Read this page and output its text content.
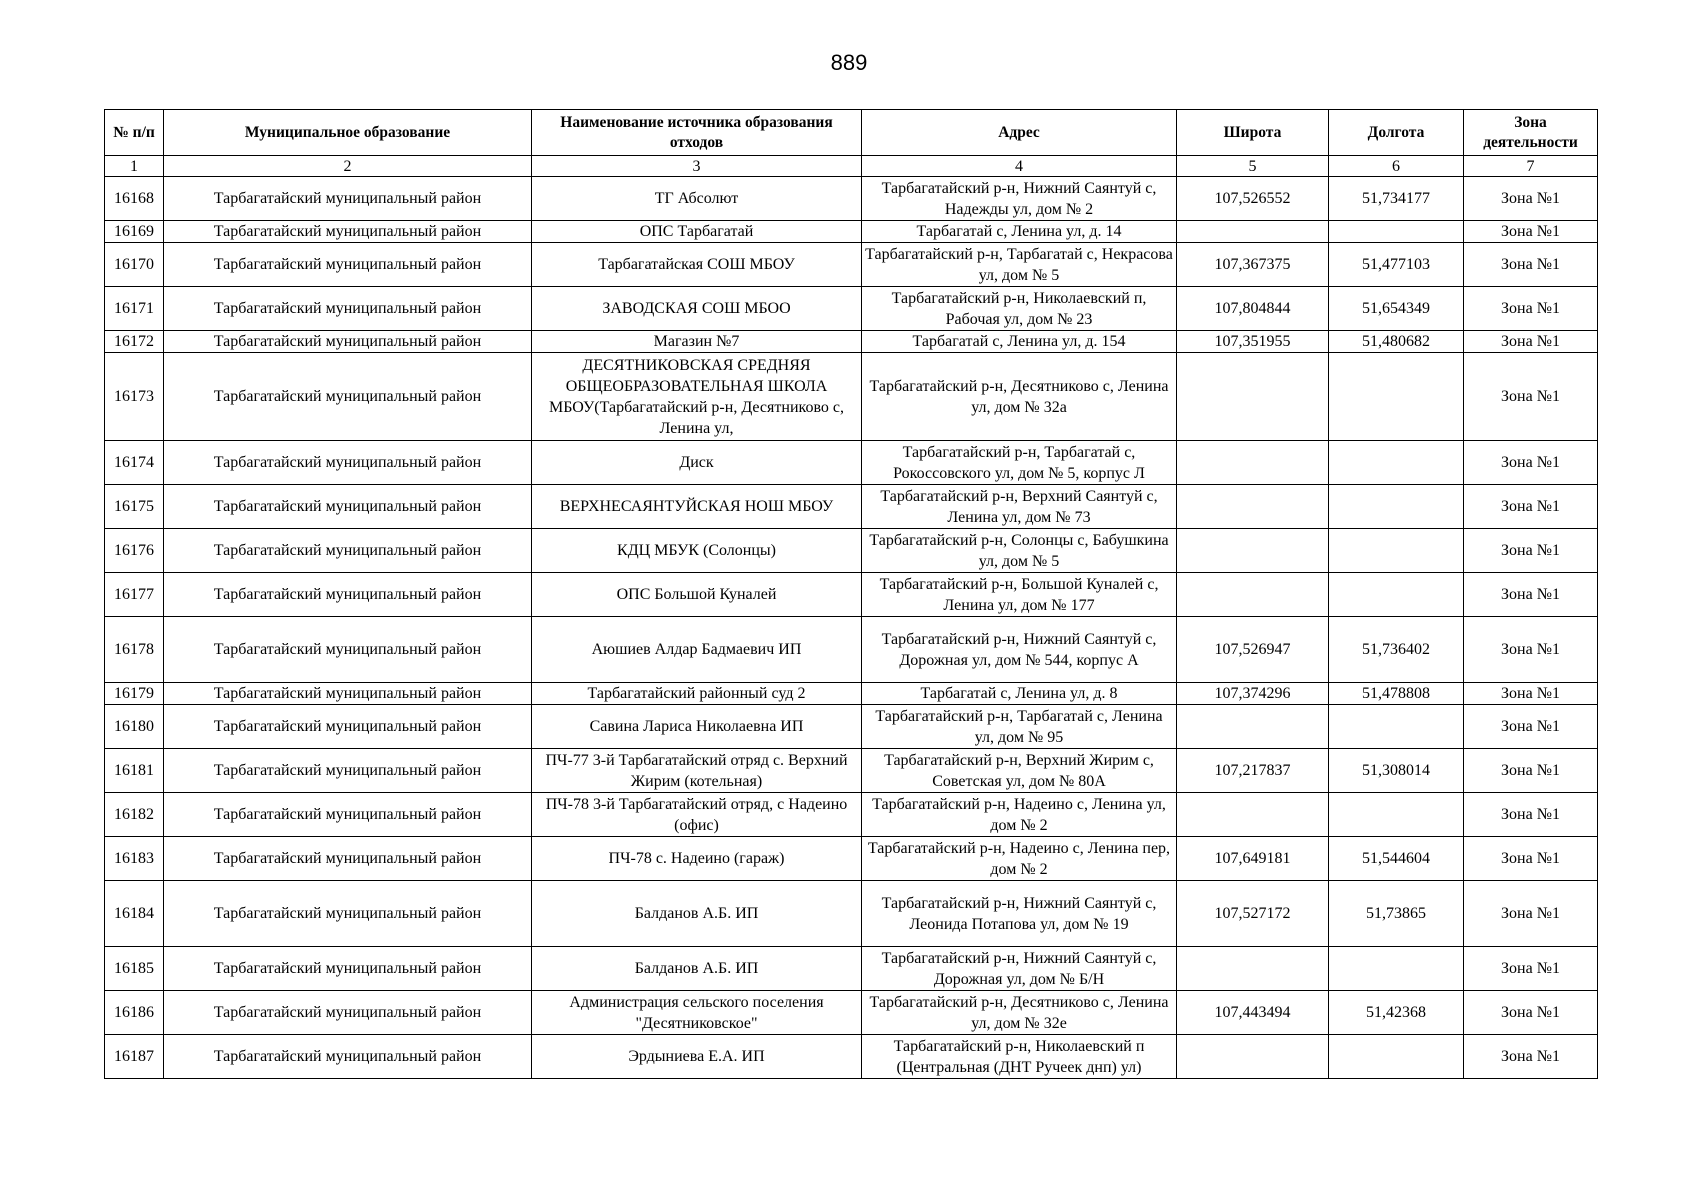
889
№ п/п	Муниципальное образование	Наименование источника образования отходов	Адрес	Широта	Долгота	Зона деятельности
1	2	3	4	5	6	7
16168	Тарбагатайский муниципальный район	ТГ Абсолют	Тарбагатайский р-н, Нижний Саянтуй с, Надежды ул, дом № 2	107,526552	51,734177	Зона №1
16169	Тарбагатайский муниципальный район	ОПС Тарбагатай	Тарбагатай с, Ленина ул, д. 14			Зона №1
16170	Тарбагатайский муниципальный район	Тарбагатайская СОШ МБОУ	Тарбагатайский р-н, Тарбагатай с, Некрасова ул, дом № 5	107,367375	51,477103	Зона №1
16171	Тарбагатайский муниципальный район	ЗАВОДСКАЯ СОШ МБОО	Тарбагатайский р-н, Николаевский п, Рабочая ул, дом № 23	107,804844	51,654349	Зона №1
16172	Тарбагатайский муниципальный район	Магазин №7	Тарбагатай с, Ленина ул, д. 154	107,351955	51,480682	Зона №1
16173	Тарбагатайский муниципальный район	ДЕСЯТНИКОВСКАЯ СРЕДНЯЯ ОБЩЕОБРАЗОВАТЕЛЬНАЯ ШКОЛА МБОУ(Тарбагатайский р-н, Десятниково с, Ленина ул,	Тарбагатайский р-н, Десятниково с, Ленина ул, дом № 32а			Зона №1
16174	Тарбагатайский муниципальный район	Диск	Тарбагатайский р-н, Тарбагатай с, Рокоссовского ул, дом № 5, корпус Л			Зона №1
16175	Тарбагатайский муниципальный район	ВЕРХНЕСАЯНТУЙСКАЯ НОШ МБОУ	Тарбагатайский р-н, Верхний Саянтуй с, Ленина ул, дом № 73			Зона №1
16176	Тарбагатайский муниципальный район	КДЦ МБУК (Солонцы)	Тарбагатайский р-н, Солонцы с, Бабушкина ул, дом № 5			Зона №1
16177	Тарбагатайский муниципальный район	ОПС Большой Куналей	Тарбагатайский р-н, Большой Куналей с, Ленина ул, дом № 177			Зона №1
16178	Тарбагатайский муниципальный район	Аюшиев Алдар Бадмаевич ИП	Тарбагатайский р-н, Нижний Саянтуй с, Дорожная ул, дом № 544, корпус А	107,526947	51,736402	Зона №1
16179	Тарбагатайский муниципальный район	Тарбагатайский районный суд 2	Тарбагатай с, Ленина ул, д. 8	107,374296	51,478808	Зона №1
16180	Тарбагатайский муниципальный район	Савина Лариса Николаевна ИП	Тарбагатайский р-н, Тарбагатай с, Ленина ул, дом № 95			Зона №1
16181	Тарбагатайский муниципальный район	ПЧ-77 3-й Тарбагатайский отряд с. Верхний Жирим (котельная)	Тарбагатайский р-н, Верхний Жирим с, Советская ул, дом № 80А	107,217837	51,308014	Зона №1
16182	Тарбагатайский муниципальный район	ПЧ-78 3-й Тарбагатайский отряд, с Надеино (офис)	Тарбагатайский р-н, Надеино с, Ленина ул, дом № 2			Зона №1
16183	Тарбагатайский муниципальный район	ПЧ-78 с. Надеино (гараж)	Тарбагатайский р-н, Надеино с, Ленина пер, дом № 2	107,649181	51,544604	Зона №1
16184	Тарбагатайский муниципальный район	Балданов А.Б. ИП	Тарбагатайский р-н, Нижний Саянтуй с, Леонида Потапова ул, дом № 19	107,527172	51,73865	Зона №1
16185	Тарбагатайский муниципальный район	Балданов А.Б. ИП	Тарбагатайский р-н, Нижний Саянтуй с, Дорожная ул, дом № Б/Н			Зона №1
16186	Тарбагатайский муниципальный район	Администрация сельского поселения "Десятниковское"	Тарбагатайский р-н, Десятниково с, Ленина ул, дом № 32е	107,443494	51,42368	Зона №1
16187	Тарбагатайский муниципальный район	Эрдыниева Е.А. ИП	Тарбагатайский р-н, Николаевский п (Центральная (ДНТ Ручеек днп) ул)			Зона №1
